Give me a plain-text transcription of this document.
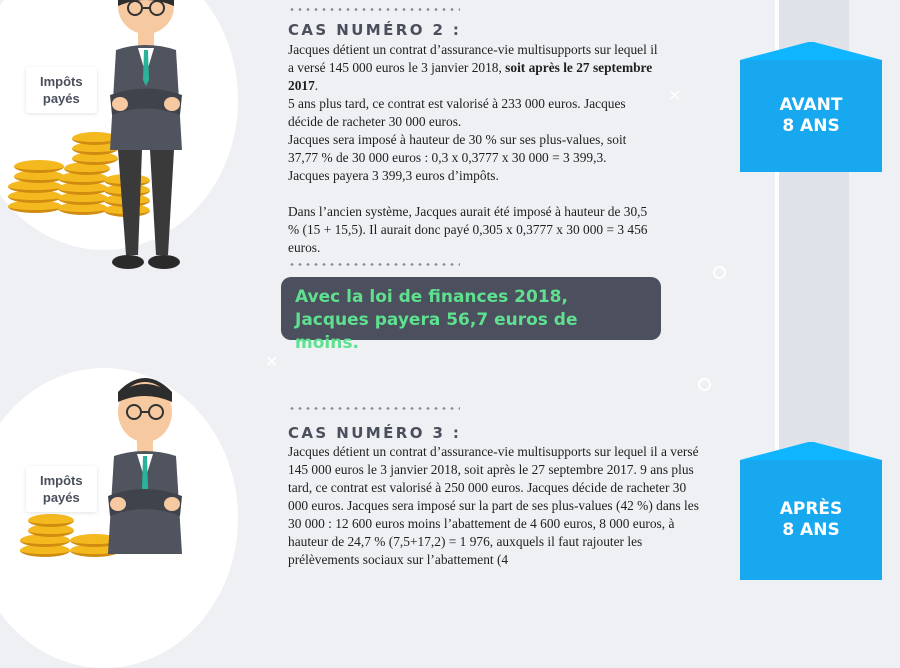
Impôts
payés
Impôts
payés
✕
✕
CAS NUMÉRO 2 :

Jacques détient un contrat d’assurance-vie multisupports sur lequel il a versé 145 000 euros le 3 janvier 2018, soit après le 27 septembre 2017.

5 ans plus tard, ce contrat est valorisé à 233 000 euros. Jacques décide de racheter 30 000 euros.

Jacques sera imposé à hauteur de 30 % sur ses plus-values, soit 37,77 % de 30 000 euros : 0,3 x 0,3777 x 30 000 = 3 399,3.

Jacques payera 3 399,3 euros d’impôts.

Dans l’ancien système, Jacques aurait été imposé à hauteur de 30,5 % (15 + 15,5). Il aurait donc payé 0,305 x 0,3777 x 30 000 = 3 456 euros.

Avec la loi de finances 2018, Jacques payera 56,7 euros de moins.
CAS NUMÉRO 3 :
Jacques détient un contrat d’assurance-vie multisupports sur lequel il a versé 145 000 euros le 3 janvier 2018, soit après le 27 septembre 2017. 9 ans plus tard, ce contrat est valorisé à 250 000 euros. Jacques décide de racheter 30 000 euros. Jacques sera imposé sur la part de ses plus-values (42 %) dans les 30 000 : 12 600 euros moins l’abattement de 4 600 euros, 8 000 euros, à hauteur de 24,7 % (7,5+17,2) = 1 976, auxquels il faut rajouter les prélèvements sociaux sur l’abattement (4
AVANT
8 ANS
APRÈS
8 ANS
